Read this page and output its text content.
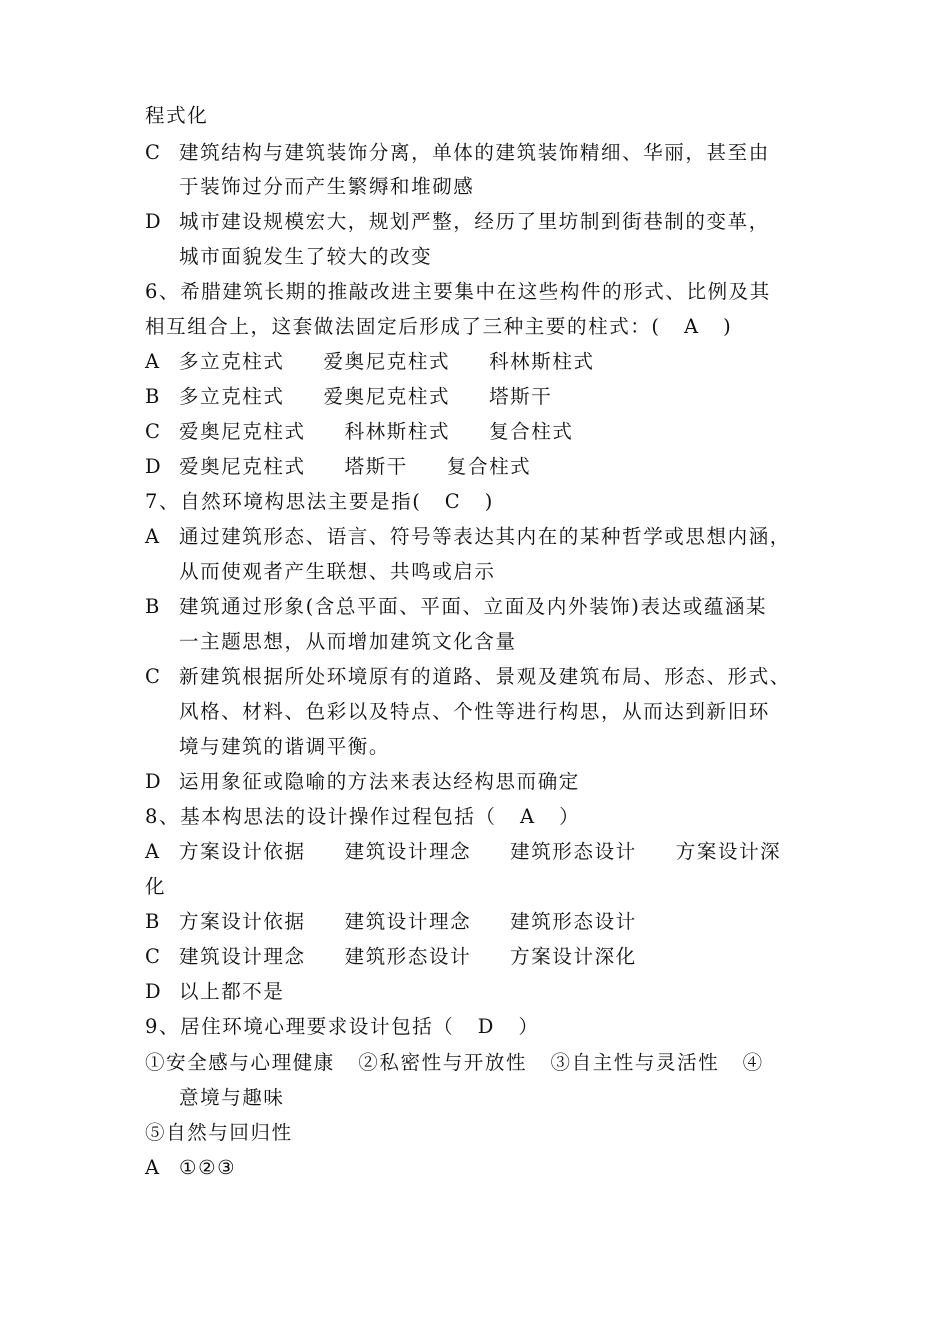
程式化
C 建筑结构与建筑装饰分离，单体的建筑装饰精细、华丽，甚至由
于装饰过分而产生繁缛和堆砌感
D 城市建设规模宏大，规划严整，经历了里坊制到街巷制的变革，
城市面貌发生了较大的改变
6、希腊建筑长期的推敲改进主要集中在这些构件的形式、比例及其
相互组合上，这套做法固定后形成了三种主要的柱式：(   A   )
A 多立克柱式     爱奥尼克柱式     科林斯柱式
B 多立克柱式     爱奥尼克柱式     塔斯干
C 爱奥尼克柱式     科林斯柱式     复合柱式
D 爱奥尼克柱式     塔斯干     复合柱式
7、自然环境构思法主要是指(   C   )
A 通过建筑形态、语言、符号等表达其内在的某种哲学或思想内涵，
从而使观者产生联想、共鸣或启示
B 建筑通过形象(含总平面、平面、立面及内外装饰)表达或蕴涵某
一主题思想，从而增加建筑文化含量
C 新建筑根据所处环境原有的道路、景观及建筑布局、形态、形式、
风格、材料、色彩以及特点、个性等进行构思，从而达到新旧环
境与建筑的谐调平衡。
D 运用象征或隐喻的方法来表达经构思而确定
8、基本构思法的设计操作过程包括（   A   ）
A 方案设计依据     建筑设计理念     建筑形态设计     方案设计深
化
B 方案设计依据     建筑设计理念     建筑形态设计
C 建筑设计理念     建筑形态设计     方案设计深化
D 以上都不是
9、居住环境心理要求设计包括（   D   ）
①安全感与心理健康   ②私密性与开放性   ③自主性与灵活性   ④
意境与趣味
⑤自然与回归性
A ①②③
